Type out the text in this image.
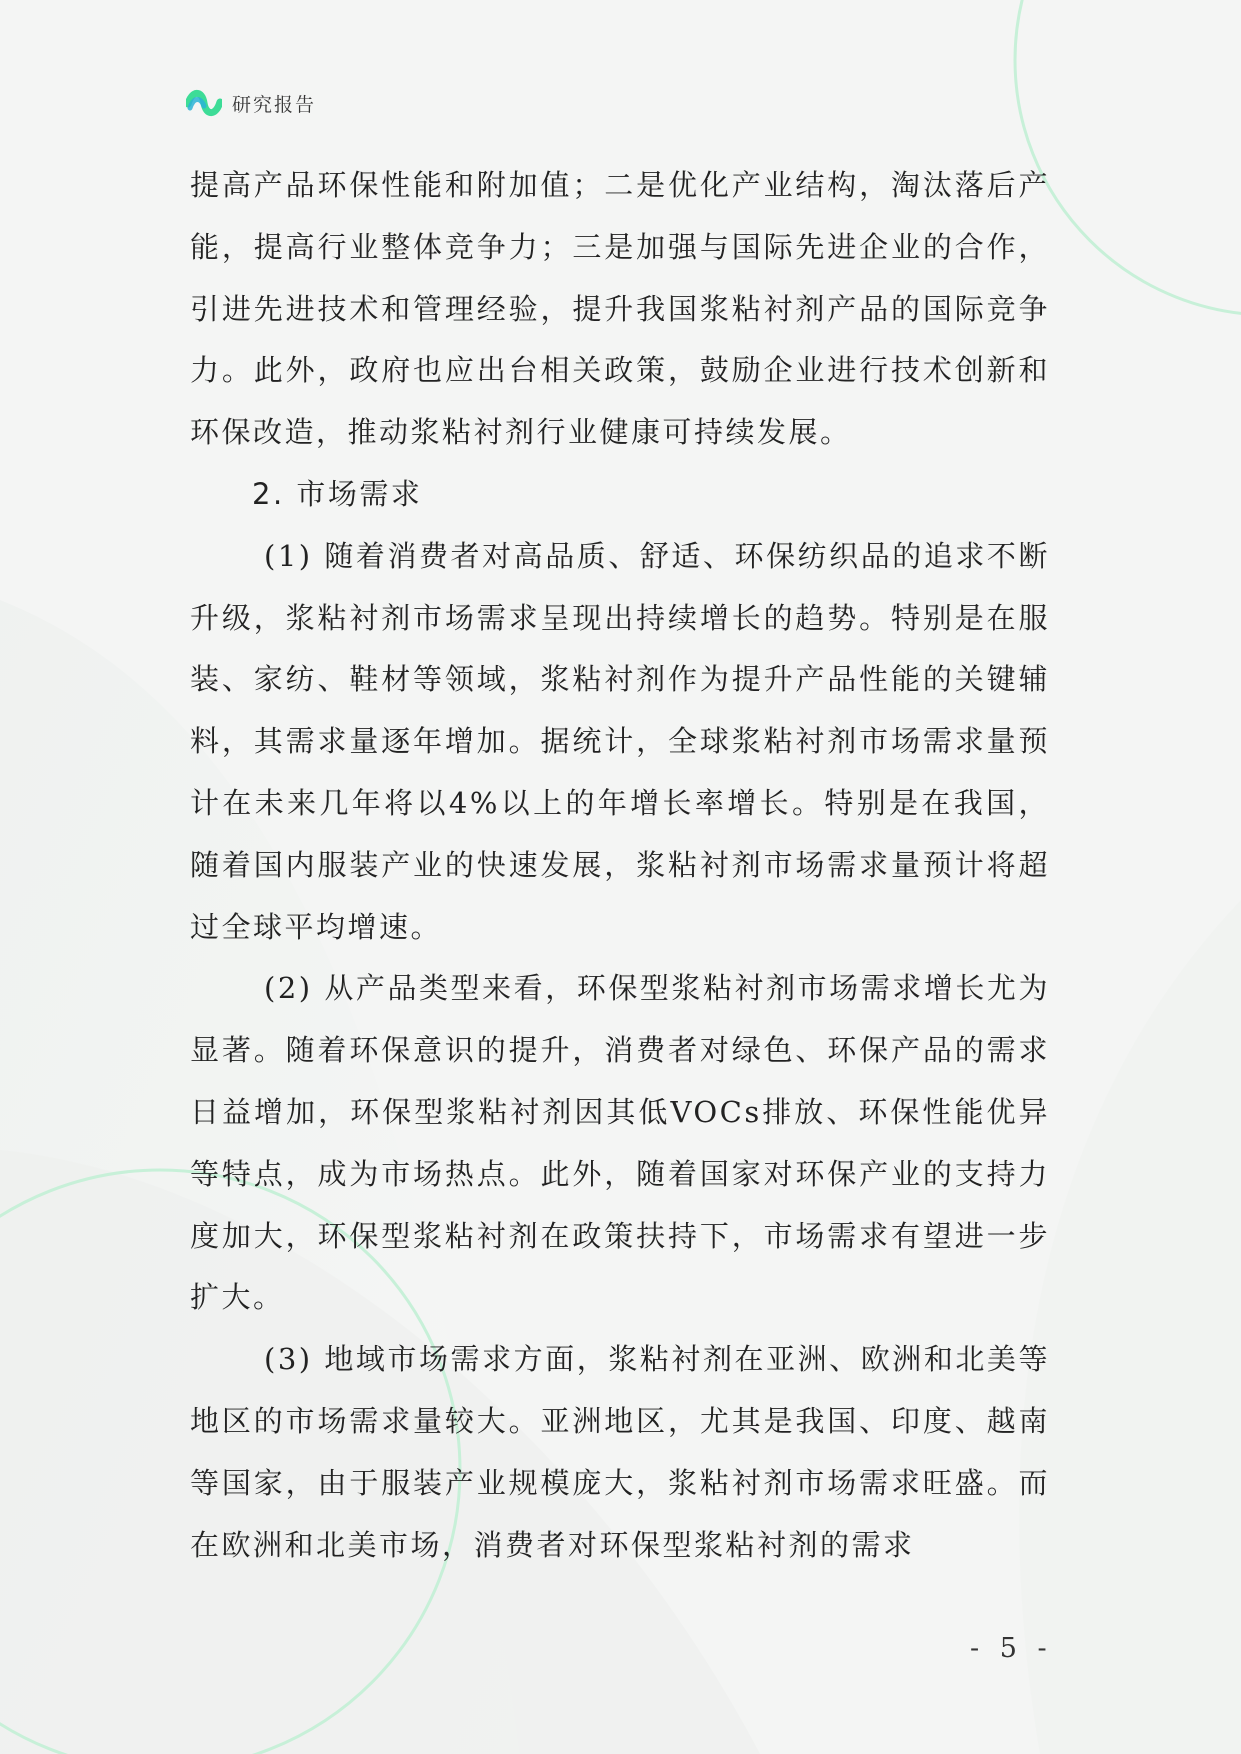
研究报告

提高产品环保性能和附加值；二是优化产业结构，淘汰落后产能，提高行业整体竞争力；三是加强与国际先进企业的合作，引进先进技术和管理经验，提升我国浆粘衬剂产品的国际竞争力。此外，政府也应出台相关政策，鼓励企业进行技术创新和环保改造，推动浆粘衬剂行业健康可持续发展。

2. 市场需求

(1) 随着消费者对高品质、舒适、环保纺织品的追求不断升级，浆粘衬剂市场需求呈现出持续增长的趋势。特别是在服装、家纺、鞋材等领域，浆粘衬剂作为提升产品性能的关键辅料，其需求量逐年增加。据统计，全球浆粘衬剂市场需求量预计在未来几年将以4%以上的年增长率增长。特别是在我国，随着国内服装产业的快速发展，浆粘衬剂市场需求量预计将超过全球平均增速。

(2) 从产品类型来看，环保型浆粘衬剂市场需求增长尤为显著。随着环保意识的提升，消费者对绿色、环保产品的需求日益增加，环保型浆粘衬剂因其低VOCs排放、环保性能优异等特点，成为市场热点。此外，随着国家对环保产业的支持力度加大，环保型浆粘衬剂在政策扶持下，市场需求有望进一步扩大。

(3) 地域市场需求方面，浆粘衬剂在亚洲、欧洲和北美等地区的市场需求量较大。亚洲地区，尤其是我国、印度、越南等国家，由于服装产业规模庞大，浆粘衬剂市场需求旺盛。而在欧洲和北美市场，消费者对环保型浆粘衬剂的需求

- 5 -
